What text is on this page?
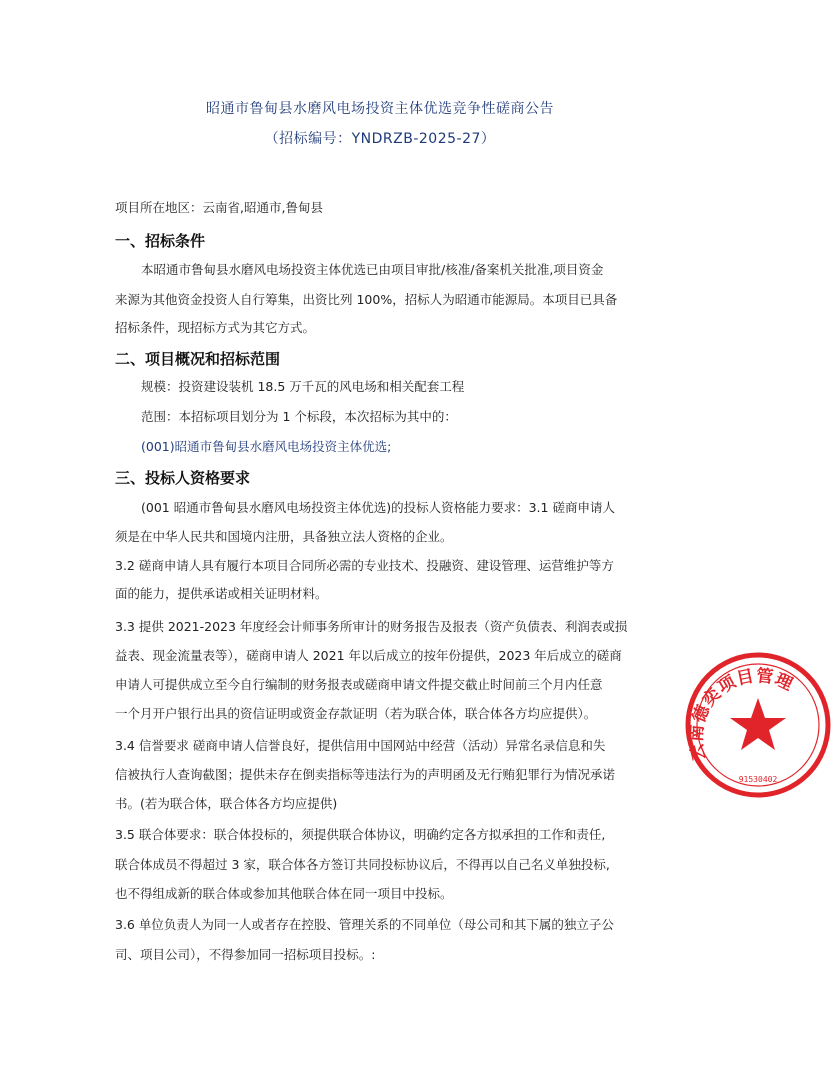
昭通市鲁甸县水磨风电场投资主体优选竞争性磋商公告
（招标编号：YNDRZB-2025-27）
项目所在地区：云南省,昭通市,鲁甸县
一、招标条件
本昭通市鲁甸县水磨风电场投资主体优选已由项目审批/核准/备案机关批准,项目资金
来源为其他资金投资人自行筹集，出资比列 100%，招标人为昭通市能源局。本项目已具备
招标条件，现招标方式为其它方式。
二、项目概况和招标范围
规模：投资建设装机 18.5 万千瓦的风电场和相关配套工程
范围：本招标项目划分为 1 个标段，本次招标为其中的：
(001)昭通市鲁甸县水磨风电场投资主体优选;
三、投标人资格要求
(001 昭通市鲁甸县水磨风电场投资主体优选)的投标人资格能力要求：3.1 磋商申请人
须是在中华人民共和国境内注册，具备独立法人资格的企业。
3.2 磋商申请人具有履行本项目合同所必需的专业技术、投融资、建设管理、运营维护等方
面的能力，提供承诺或相关证明材料。
3.3 提供 2021-2023 年度经会计师事务所审计的财务报告及报表（资产负债表、利润表或损
益表、现金流量表等），磋商申请人 2021 年以后成立的按年份提供，2023 年后成立的磋商
申请人可提供成立至今自行编制的财务报表或磋商申请文件提交截止时间前三个月内任意
一个月开户银行出具的资信证明或资金存款证明（若为联合体，联合体各方均应提供）。
3.4 信誉要求 磋商申请人信誉良好，提供信用中国网站中经营（活动）异常名录信息和失
信被执行人查询截图；提供未存在倒卖指标等违法行为的声明函及无行贿犯罪行为情况承诺
书。(若为联合体，联合体各方均应提供)
3.5 联合体要求：联合体投标的，须提供联合体协议，明确约定各方拟承担的工作和责任,
联合体成员不得超过 3 家，联合体各方签订共同投标协议后，不得再以自己名义单独投标,
也不得组成新的联合体或参加其他联合体在同一项目中投标。
3.6 单位负责人为同一人或者存在控股、管理关系的不同单位（母公司和其下属的独立子公
司、项目公司），不得参加同一招标项目投标。:
云南德奕项目管理
91530402
